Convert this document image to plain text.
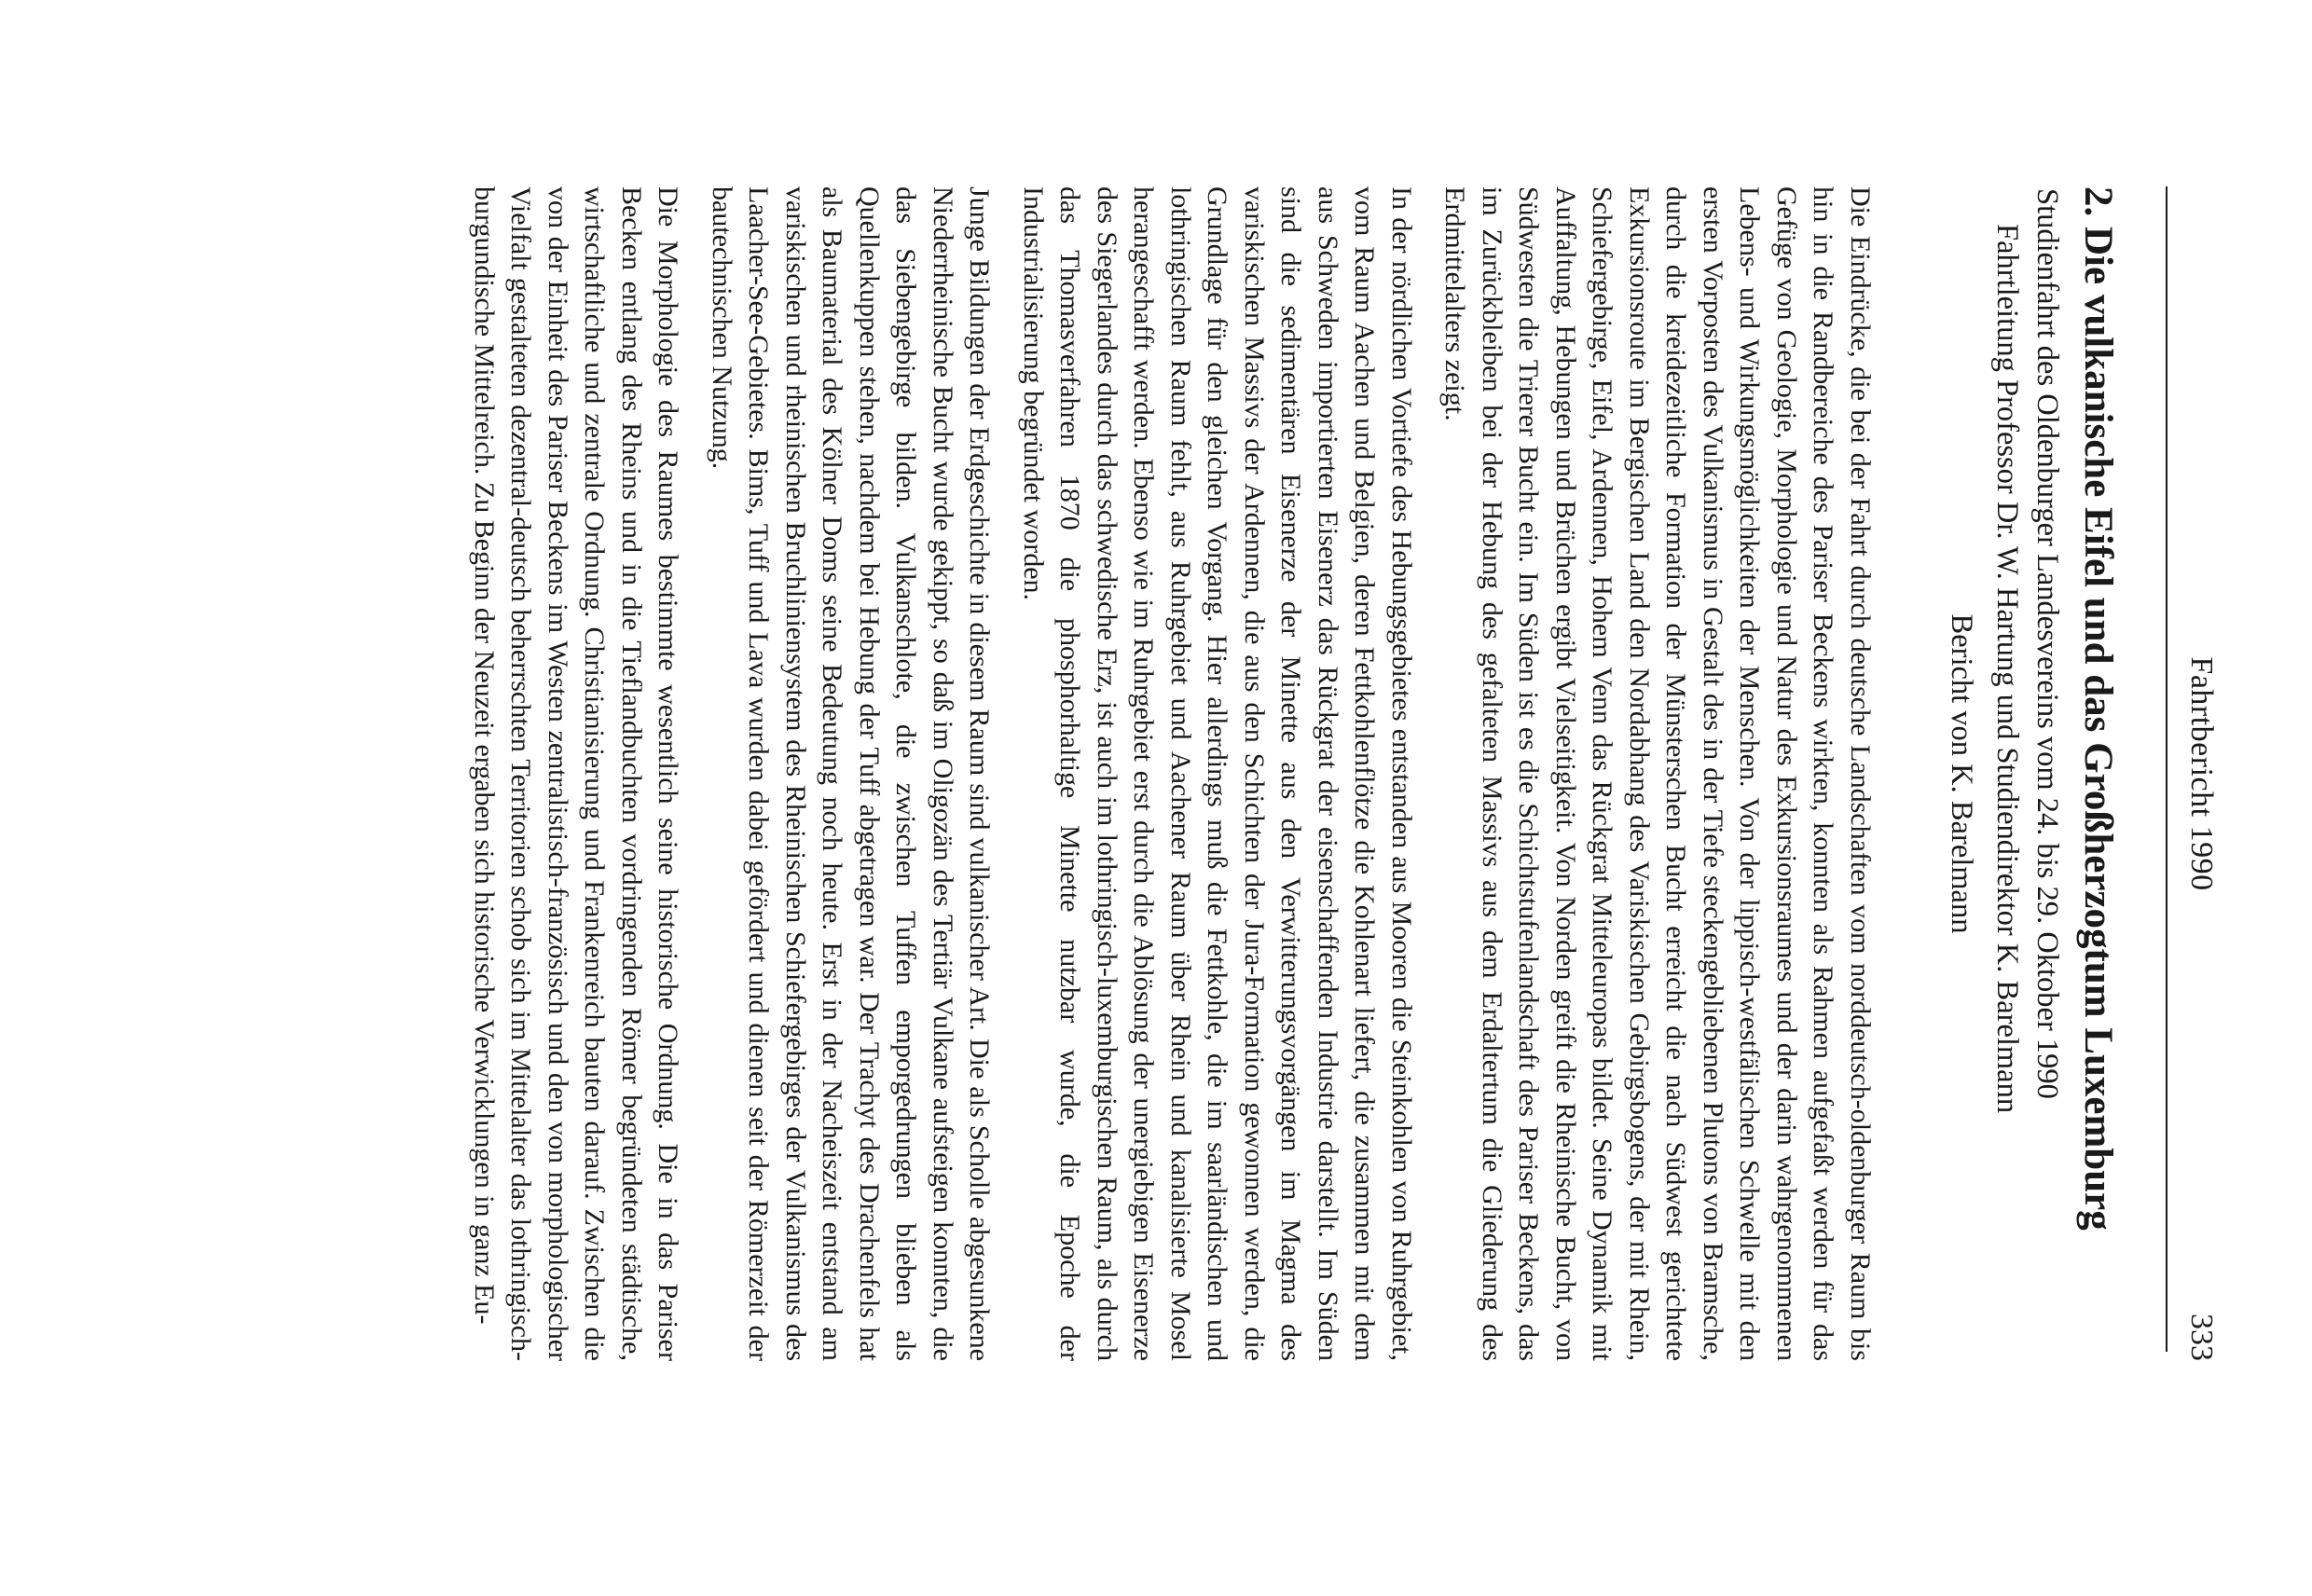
Fahrtbericht 1990
333
2. Die vulkanische Eifel und das Großherzogtum Luxemburg

Studienfahrt des Oldenburger Landesvereins vom 24. bis 29. Oktober 1990

Fahrtleitung Professor Dr. W. Hartung und Studiendirektor K. Barelmann

Bericht von K. Barelmann

Die Eindrücke, die bei der Fahrt durch deutsche Landschaften vom norddeutsch-oldenburger Raum bis hin in die Randbereiche des Pariser Beckens wirkten, konnten als Rahmen aufgefaßt werden für das Gefüge von Geologie, Morphologie und Natur des Exkursionsraumes und der darin wahrgenommenen Lebens- und Wirkungsmöglichkeiten der Menschen. Von der lippisch-westfälischen Schwelle mit den ersten Vorposten des Vulkanismus in Gestalt des in der Tiefe steckengebliebenen Plutons von Bramsche, durch die kreidezeitliche Formation der Münsterschen Bucht erreicht die nach Südwest gerichtete Exkursionsroute im Bergischen Land den Nordabhang des Variskischen Gebirgsbogens, der mit Rhein, Schiefergebirge, Eifel, Ardennen, Hohem Venn das Rückgrat Mitteleuropas bildet. Seine Dynamik mit Auffaltung, Hebungen und Brüchen ergibt Vielseitigkeit. Von Norden greift die Rheinische Bucht, von Südwesten die Trierer Bucht ein. Im Süden ist es die Schichtstufenlandschaft des Pariser Beckens, das im Zurückbleiben bei der Hebung des gefalteten Massivs aus dem Erdaltertum die Gliederung des Erdmittelalters zeigt.

In der nördlichen Vortiefe des Hebungsgebietes entstanden aus Mooren die Steinkohlen von Ruhrgebiet, vom Raum Aachen und Belgien, deren Fettkohlenflötze die Kohlenart liefert, die zusammen mit dem aus Schweden importierten Eisenerz das Rückgrat der eisenschaffenden Industrie darstellt. Im Süden sind die sedimentären Eisenerze der Minette aus den Verwitterungsvorgängen im Magma des variskischen Massivs der Ardennen, die aus den Schichten der Jura-Formation gewonnen werden, die Grundlage für den gleichen Vorgang. Hier allerdings muß die Fettkohle, die im saarländischen und lothringischen Raum fehlt, aus Ruhrgebiet und Aachener Raum über Rhein und kanalisierte Mosel herangeschafft werden. Ebenso wie im Ruhrgebiet erst durch die Ablösung der unergiebigen Eisenerze des Siegerlandes durch das schwedische Erz, ist auch im lothringisch-luxemburgischen Raum, als durch das Thomasverfahren 1870 die phosphorhaltige Minette nutzbar wurde, die Epoche der Industrialisierung begründet worden.

Junge Bildungen der Erdgeschichte in diesem Raum sind vulkanischer Art. Die als Scholle abgesunkene Niederrheinische Bucht wurde gekippt, so daß im Oligozän des Tertiär Vulkane aufsteigen konnten, die das Siebengebirge bilden. Vulkanschlote, die zwischen Tuffen emporgedrungen blieben als Quellenkuppen stehen, nachdem bei Hebung der Tuff abgetragen war. Der Trachyt des Drachenfels hat als Baumaterial des Kölner Doms seine Bedeutung noch heute. Erst in der Nacheiszeit entstand am variskischen und rheinischen Bruchliniensystem des Rheinischen Schiefergebirges der Vulkanismus des Laacher-See-Gebietes. Bims, Tuff und Lava wurden dabei gefördert und dienen seit der Römerzeit der bautechnischen Nutzung.

Die Morphologie des Raumes bestimmte wesentlich seine historische Ordnung. Die in das Pariser Becken entlang des Rheins und in die Tieflandbuchten vordringenden Römer begründeten städtische, wirtschaftliche und zentrale Ordnung. Christianisierung und Frankenreich bauten darauf. Zwischen die von der Einheit des Pariser Beckens im Westen zentralistisch-französisch und den von morphologischer Vielfalt gestalteten dezentral-deutsch beherrschten Territorien schob sich im Mittelalter das lothringisch-burgundische Mittelreich. Zu Beginn der Neuzeit ergaben sich historische Verwicklungen in ganz Eu-
